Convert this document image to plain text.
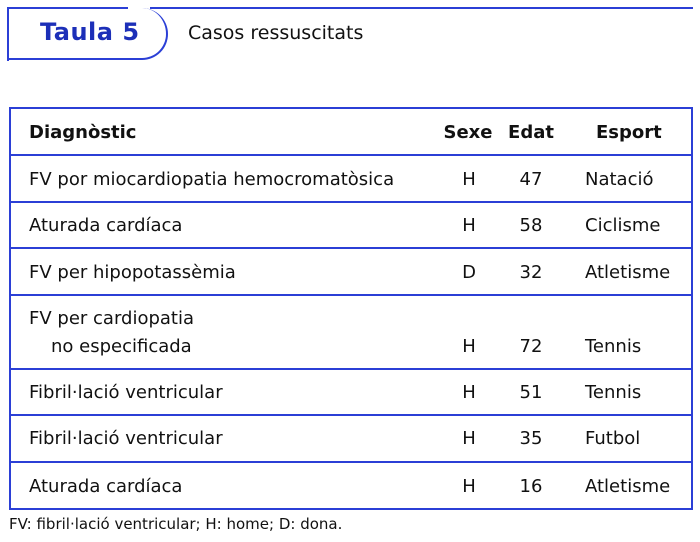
Taula 5	Casos ressuscitats
Diagnòstic	Sexe Edat Esport
FV por miocardiopatia hemocromatòsica	H	47	Natació
Aturada cardíaca	H	58	Ciclisme
FV per hipopotassèmia	D	32	Atletisme
FV per cardiopatia
no especificada	H	72	Tennis
Fibril·lació ventricular	H	51	Tennis
Fibril·lació ventricular	H	35	Futbol
Aturada cardíaca	H	16	Atletisme
FV: fibril·lació ventricular; H: home; D: dona.
